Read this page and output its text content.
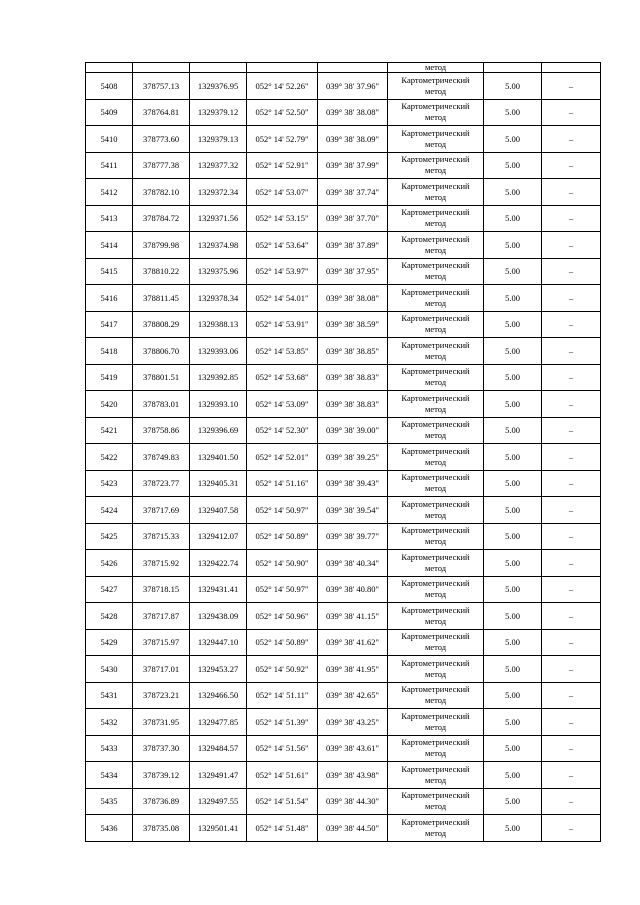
					метод		
5408	378757.13	1329376.95	052° 14' 52.26"	039° 38' 37.96"	Картометрический
метод	5.00	–
5409	378764.81	1329379.12	052° 14' 52.50"	039° 38' 38.08"	Картометрический
метод	5.00	–
5410	378773.60	1329379.13	052° 14' 52.79"	039° 38' 38.09"	Картометрический
метод	5.00	–
5411	378777.38	1329377.32	052° 14' 52.91"	039° 38' 37.99"	Картометрический
метод	5.00	–
5412	378782.10	1329372.34	052° 14' 53.07"	039° 38' 37.74"	Картометрический
метод	5.00	–
5413	378784.72	1329371.56	052° 14' 53.15"	039° 38' 37.70"	Картометрический
метод	5.00	–
5414	378799.98	1329374.98	052° 14' 53.64"	039° 38' 37.89"	Картометрический
метод	5.00	–
5415	378810.22	1329375.96	052° 14' 53.97"	039° 38' 37.95"	Картометрический
метод	5.00	–
5416	378811.45	1329378.34	052° 14' 54.01"	039° 38' 38.08"	Картометрический
метод	5.00	–
5417	378808.29	1329388.13	052° 14' 53.91"	039° 38' 38.59"	Картометрический
метод	5.00	–
5418	378806.70	1329393.06	052° 14' 53.85"	039° 38' 38.85"	Картометрический
метод	5.00	–
5419	378801.51	1329392.85	052° 14' 53.68"	039° 38' 38.83"	Картометрический
метод	5.00	–
5420	378783.01	1329393.10	052° 14' 53.09"	039° 38' 38.83"	Картометрический
метод	5.00	–
5421	378758.86	1329396.69	052° 14' 52.30"	039° 38' 39.00"	Картометрический
метод	5.00	–
5422	378749.83	1329401.50	052° 14' 52.01"	039° 38' 39.25"	Картометрический
метод	5.00	–
5423	378723.77	1329405.31	052° 14' 51.16"	039° 38' 39.43"	Картометрический
метод	5.00	–
5424	378717.69	1329407.58	052° 14' 50.97"	039° 38' 39.54"	Картометрический
метод	5.00	–
5425	378715.33	1329412.07	052° 14' 50.89"	039° 38' 39.77"	Картометрический
метод	5.00	–
5426	378715.92	1329422.74	052° 14' 50.90"	039° 38' 40.34"	Картометрический
метод	5.00	–
5427	378718.15	1329431.41	052° 14' 50.97"	039° 38' 40.80"	Картометрический
метод	5.00	–
5428	378717.87	1329438.09	052° 14' 50.96"	039° 38' 41.15"	Картометрический
метод	5.00	–
5429	378715.97	1329447.10	052° 14' 50.89"	039° 38' 41.62"	Картометрический
метод	5.00	–
5430	378717.01	1329453.27	052° 14' 50.92"	039° 38' 41.95"	Картометрический
метод	5.00	–
5431	378723.21	1329466.50	052° 14' 51.11"	039° 38' 42.65"	Картометрический
метод	5.00	–
5432	378731.95	1329477.85	052° 14' 51.39"	039° 38' 43.25"	Картометрический
метод	5.00	–
5433	378737.30	1329484.57	052° 14' 51.56"	039° 38' 43.61"	Картометрический
метод	5.00	–
5434	378739.12	1329491.47	052° 14' 51.61"	039° 38' 43.98"	Картометрический
метод	5.00	–
5435	378736.89	1329497.55	052° 14' 51.54"	039° 38' 44.30"	Картометрический
метод	5.00	–
5436	378735.08	1329501.41	052° 14' 51.48"	039° 38' 44.50"	Картометрический
метод	5.00	–
